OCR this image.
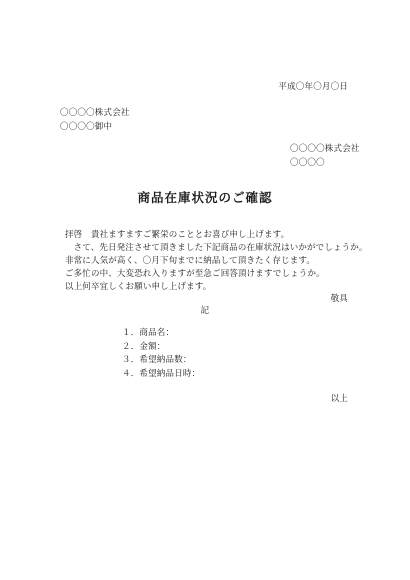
平成〇年〇月〇日
〇〇〇〇株式会社
〇〇〇〇御中
〇〇〇〇株式会社
〇〇〇〇
商品在庫状況のご確認
拝啓　貴社ますますご繁栄のこととお喜び申し上げます。
　さて、先日発注させて頂きました下記商品の在庫状況はいかがでしょうか。
非常に人気が高く、〇月下旬までに納品して頂きたく存じます。
ご多忙の中、大変恐れ入りますが至急ご回答頂けますでしょうか。
以上何卒宜しくお願い申し上げます。
敬具
記
１．商品名：
２．金額：
３．希望納品数：
４．希望納品日時：
以上
